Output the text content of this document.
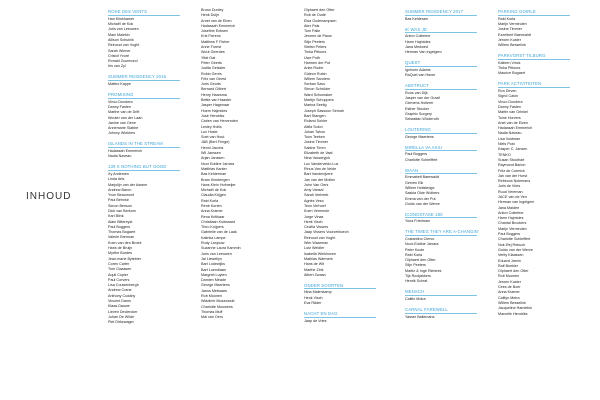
INHOUD
ROSE DES VENTS
Han Klinkhamer
Michaël de Kok
Joris van Leeuwen
Mani Malekin
Allison Schulnik
Reinoud van Vught
Sarah Wiener
Cristof Yvoré
Ronald Zuurmond
Iris van Zyl
SUMMER RESIDENCY 2016
Matteo Kappe
PROMISING
Vinoo Dundera
Danny Fasten
Marthe van de Drift
Wouter van der Laan
Janine van Oene
Annemarie Slabbe
Johnny Wiekhes
ISLANDS IN THE STREAM
Hadassah Emmerich
Nadia Naveau
139 X NOTHING BUT GOOD
Xy Andersen
Linda Arts
Marjolijn van der Assem
Andrew Baron
Yvon Beaumont
Paul Behnke
Simon Benson
Dick van Berkum
Karl Blink
Alain Biltereyst
Paul Boggers
Thomas Bogaert
Valerie Brennan
Koen van den Broek
Hans de Bruijn
Myrthe Burdes
Jean-marie Bytebier
Coren Carter
Tom Claassen
Aquil Copier
Paul Corvers
Lisa Couwenbergh
Andrew Crane
Anthony Cudahy
Vincent Dams
Klaas Dauwe
Lieven Declercker
Johan De Wilde
Piet Dirkzwager
Bruno Dunley
Henk Duijn
Arnet van de Eben
Hadassah Emmerich
Josefine Eriksen
Kris Fierens
Matthew F Fisher
Anne Forest
Wout Geerdes
Yifat Gat
Peter Geerts
Judita Geissler
Robin Gerris
Fritz van Geest
Joris Geurts
Bernard Gilbert
Henry Haarsma
Bettie van Haaster
Jasper Hagenaar
Huem Hajmides
José Hendriks
Carien van Hervenden
Lesley Hollis
Luc Hoste
Soet van Hout
J&B (Bert Fringe)
Henni Jacobs
Wil Janssen
Arjan Janssen
Noor Eddine Jarrara
Matthias Kanter
Bas Kelderman
Bram Kinsbergen
Hans Klein Hofmeijer
Michaël de Kok
Claudia Krijgen
Rabi Korla
René Korten
Anna Kramer
Rena Kritikaar
Christiaan Kuitwaard
Theo Kuijpers
Gabrielle van de Laak
Katinka Lampe
Rudy Lanjouw
Suzanne Laura Kammin
Joris van Leeuwen
Jai Llewellyn
Bart Lodewijks
Bart Loendiaan
Margriet Luyten
Damien Meade
George Maertens
Janus Metsaars
Rob Moonen
Wladimir Moszowski
Charlotte Mouwens
Thomas Muff
Mai van Oers
Olphaert den Otter
Rob de Oude
Elsa Oudenampsen
Alex Pals
Tom Palle
Jerome de Pauw
Stijn Peeters
Stefan Peters
Tinka Pittoors
Uwe Poth
Harmen der Put
Anke Roder
Gideon Rubin
Willem Sanders
Serban Savu
Simon Schröder
Ward Schumaker
Martijn Schuppers
Marina Seelig
Joseph Sassoon Semah
Bart Stangen
Roland Sohier
Attila Solon
Johan Tahon
Toon Teeken
Josine Timmer
Sabine Timm
Elizabeth de Vaal
Nina Vanweyjck
Luc Vanderveldo Lux
Rinus Van de Velde
Bart Vandevijvere
Jan van der Mollen
John Van Oers
Amy Vansal
Sarah Verbeek
Agnès Veso
Teun Verhoef
Koen Vermeule
Jorge Vinas
Henk Visch
Cecilia Vissers
Jaap Vissers Voorzetboech
Reinoud van Vught
Wim Waarman
Lutz Weidler
Isabella Wiekhoven
Mathias Warmerk
Hans de Wit
Marthe Zink
Albert Zwaan
ONDER SOORTEN
Nina Malenkamp
Henk Visch
Eva Räder
NACHT EN DAG
Jaap de Vries
SUMMER RESIDENCY 2017
Bas Kelderam
IK WAS JE
Anton Cotteleer
Harm Hajmides
Jana Medwed
Herman Van Ingelgem
QUEST
Ignhoen Adams
RaQuel van Haver
ABSTRUCT
Roos van Dijk
Jasper van der Graaf
Clemens Hollerer
Esther Stocker
Graphic Surgery
Sebastian Wickeroth
LOUTERING
George Maertens
MIRELLA VA AXIU
Paul Boggers
Charlotte Schleiffert
WAAN
Emmabelt Baerwaldt
Gerven Elk
Willem Hoitsledge
Saskia Olde Wolbers
Emma van der Put
Guido van der Werve
ICONOSTASE 180
Yona Friedman
THE TIMES THEY ARE A-CHANGIN'
Costantino Ciervo
Noor-Eddine Jarrara
Peter Koole
Rabi Korla
Olphaert den Otter
Stijn Peeters
Martin & Inge Riebeek
Tijs Rooijakkers
Henrik Schrat
MENSCH
Caitlin Moira
CARNAL FAREWELL
Yasser Ballemans
PARKING GOIRLE
Rabi Korla
Marijn Vermeulen
Josine Timmer
Ezzelbert Baerwaldt
Jeroen Kuster
Willem Besselink
PARKVORST TILBURG
Katleen Vinck
Tinka Pittoors
Maurice Bogaert
PARK ACTIVITEITEN
Ron Dirven
Sigrid Calon
Vinoo Dundera
Danny Fasten
Martin van Grinkel
Toine Horvers
Anet van de Elzen
Hadassah Emmerich
Nadia Naveau
Lisa Vostman
Niels Post
Kasper C. Jansen
TENKO
Susan Stouthart
Raymond Barion
Fritz de Cormick
Jan van der Horst
Rebecca Nolemans
Joris de Vries
Ruud Vereman
JACE van de Ven
Herman van Ingelgem
Jana Maidee
Anton Cotteleer
Harm Hajmides
Chantal Brockers
Marijn Vermeulen
Paul Boggers
Charlotte Schleiffert
Noir-Rej Rebuck
Guido van der Werve
Verity Klaassen
Eduard Jamin
Ralf Boekler
Olphaert den Otter
Rob Moonen
Jeroen Kuster
Cees de Boer
Anna Kramer
Caitlyn Meira
Willem Besselink
Jacqueline Hamelink
Marcelle Hendriks
